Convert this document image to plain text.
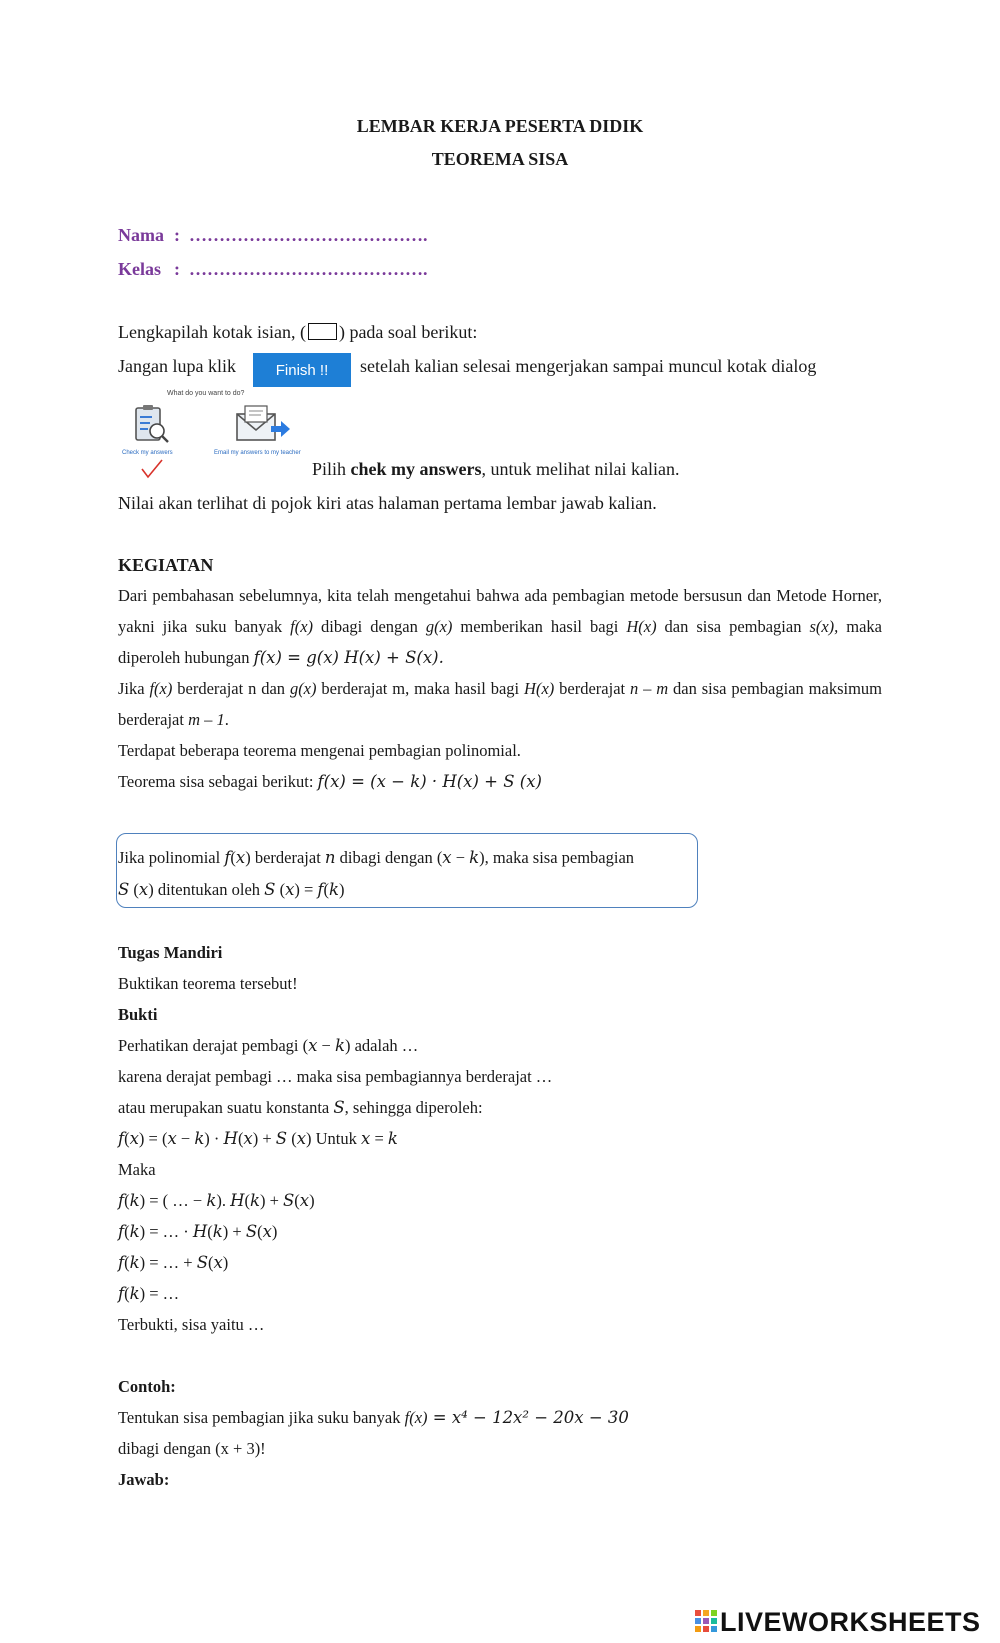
LEMBAR KERJA PESERTA DIDIK
TEOREMA SISA
Nama : ………………………………….
Kelas : ………………………………….
Lengkapilah kotak isian, ( ) pada soal berikut:
Jangan lupa klik	Finish !!	setelah kalian selesai mengerjakan sampai muncul kotak dialog
What do you want to do?
Check my answers	Email my answers to my teacher
Pilih chek my answers, untuk melihat nilai kalian.
Nilai akan terlihat di pojok kiri atas halaman pertama lembar jawab kalian.
KEGIATAN
Dari pembahasan sebelumnya, kita telah mengetahui bahwa ada pembagian metode bersusun dan Metode Horner, yakni jika suku banyak f(x) dibagi dengan g(x) memberikan hasil bagi H(x) dan sisa pembagian s(x), maka diperoleh hubungan f(x) = g(x) H(x) + S(x).
Jika f(x) berderajat n dan g(x) berderajat m, maka hasil bagi H(x) berderajat n – m dan sisa pembagian maksimum berderajat m – 1.
Terdapat beberapa teorema mengenai pembagian polinomial.
Teorema sisa sebagai berikut: f(x) = (x − k) · H(x) + S (x)
Jika polinomial 𝑓(𝑥) berderajat 𝑛 dibagi dengan (𝑥 − 𝑘), maka sisa pembagian
𝑆 (𝑥) ditentukan oleh 𝑆 (𝑥) = 𝑓(𝑘)
Tugas Mandiri
Buktikan teorema tersebut!
Bukti
Perhatikan derajat pembagi (𝑥 − 𝑘) adalah …
karena derajat pembagi … maka sisa pembagiannya berderajat …
atau merupakan suatu konstanta 𝑆, sehingga diperoleh:
𝑓(𝑥) = (𝑥 − 𝑘) · 𝐻(𝑥) + 𝑆 (𝑥) Untuk 𝑥 = 𝑘
Maka
𝑓(𝑘) = ( … − 𝑘). 𝐻(𝑘) + 𝑆(𝑥)
𝑓(𝑘) = … · 𝐻(𝑘) + 𝑆(𝑥)
𝑓(𝑘) = … + 𝑆(𝑥)
𝑓(𝑘) = …
Terbukti, sisa yaitu …
Contoh:
Tentukan sisa pembagian jika suku banyak f(x) = 𝑥⁴ − 12𝑥² − 20𝑥 − 30
dibagi dengan (x + 3)!
Jawab:
LIVEWORKSHEETS
